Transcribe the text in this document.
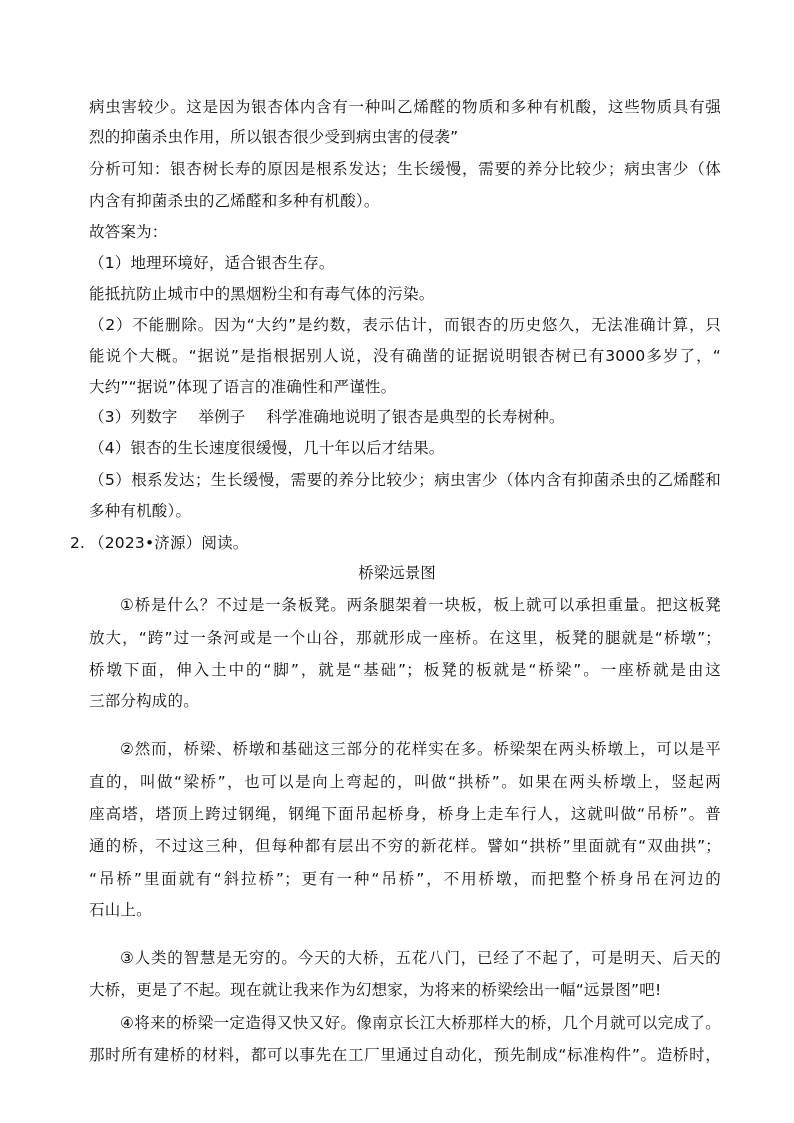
病虫害较少。这是因为银杏体内含有一种叫乙烯醛的物质和多种有机酸，这些物质具有强
烈的抑菌杀虫作用，所以银杏很少受到病虫害的侵袭”
分析可知：银杏树长寿的原因是根系发达；生长缓慢，需要的养分比较少；病虫害少（体
内含有抑菌杀虫的乙烯醛和多种有机酸）。
故答案为：
（1）地理环境好，适合银杏生存。
能抵抗防止城市中的黑烟粉尘和有毒气体的污染。
（2）不能删除。因为“大约”是约数，表示估计，而银杏的历史悠久，无法准确计算，只
能说个大概。“据说”是指根据别人说，没有确凿的证据说明银杏树已有3000多岁了，“
大约”“据说”体现了语言的准确性和严谨性。
（3）列数字　 举例子　 科学准确地说明了银杏是典型的长寿树种。
（4）银杏的生长速度很缓慢，几十年以后才结果。
（5）根系发达；生长缓慢，需要的养分比较少；病虫害少（体内含有抑菌杀虫的乙烯醛和
多种有机酸）。
2. （2023•济源）阅读。
桥梁远景图
①桥是什么？不过是一条板凳。两条腿架着一块板，板上就可以承担重量。把这板凳
放大，“跨”过一条河或是一个山谷，那就形成一座桥。在这里，板凳的腿就是“桥墩”；
桥墩下面，伸入土中的“脚”，就是“基础”；板凳的板就是“桥梁”。一座桥就是由这
三部分构成的。
②然而，桥梁、桥墩和基础这三部分的花样实在多。桥梁架在两头桥墩上，可以是平
直的，叫做“梁桥”，也可以是向上弯起的，叫做“拱桥”。如果在两头桥墩上，竖起两
座高塔，塔顶上跨过钢绳，钢绳下面吊起桥身，桥身上走车行人，这就叫做“吊桥”。普
通的桥，不过这三种，但每种都有层出不穷的新花样。譬如“拱桥”里面就有“双曲拱”；
“吊桥”里面就有“斜拉桥”；更有一种“吊桥”，不用桥墩，而把整个桥身吊在河边的
石山上。
③人类的智慧是无穷的。今天的大桥，五花八门，已经了不起了，可是明天、后天的
大桥，更是了不起。现在就让我来作为幻想家，为将来的桥梁绘出一幅“远景图”吧!
④将来的桥梁一定造得又快又好。像南京长江大桥那样大的桥，几个月就可以完成了。
那时所有建桥的材料，都可以事先在工厂里通过自动化，预先制成“标准构件”。造桥时，
